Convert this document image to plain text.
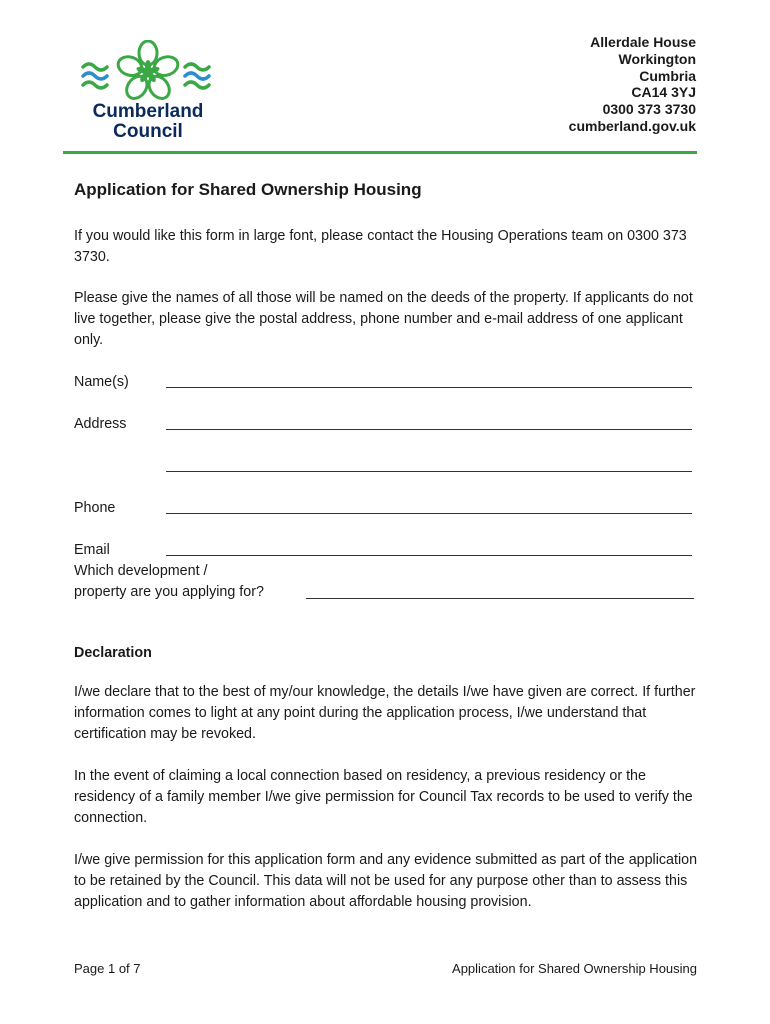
Cumberland
Council
Allerdale House
Workington
Cumbria
CA14 3YJ
0300 373 3730
cumberland.gov.uk
Application for Shared Ownership Housing

If you would like this form in large font, please contact the Housing Operations team on 0300 373 3730.

Please give the names of all those will be named on the deeds of the property. If applicants do not live together, please give the postal address, phone number and e-mail address of one applicant only.

Name(s)
Address
Phone
Email
Which development /
property are you applying for?
Declaration

I/we declare that to the best of my/our knowledge, the details I/we have given are correct. If further information comes to light at any point during the application process, I/we understand that certification may be revoked.

In the event of claiming a local connection based on residency, a previous residency or the residency of a family member I/we give permission for Council Tax records to be used to verify the connection.

I/we give permission for this application form and any evidence submitted as part of the application to be retained by the Council. This data will not be used for any purpose other than to assess this application and to gather information about affordable housing provision.

Page 1 of 7	Application for Shared Ownership Housing
